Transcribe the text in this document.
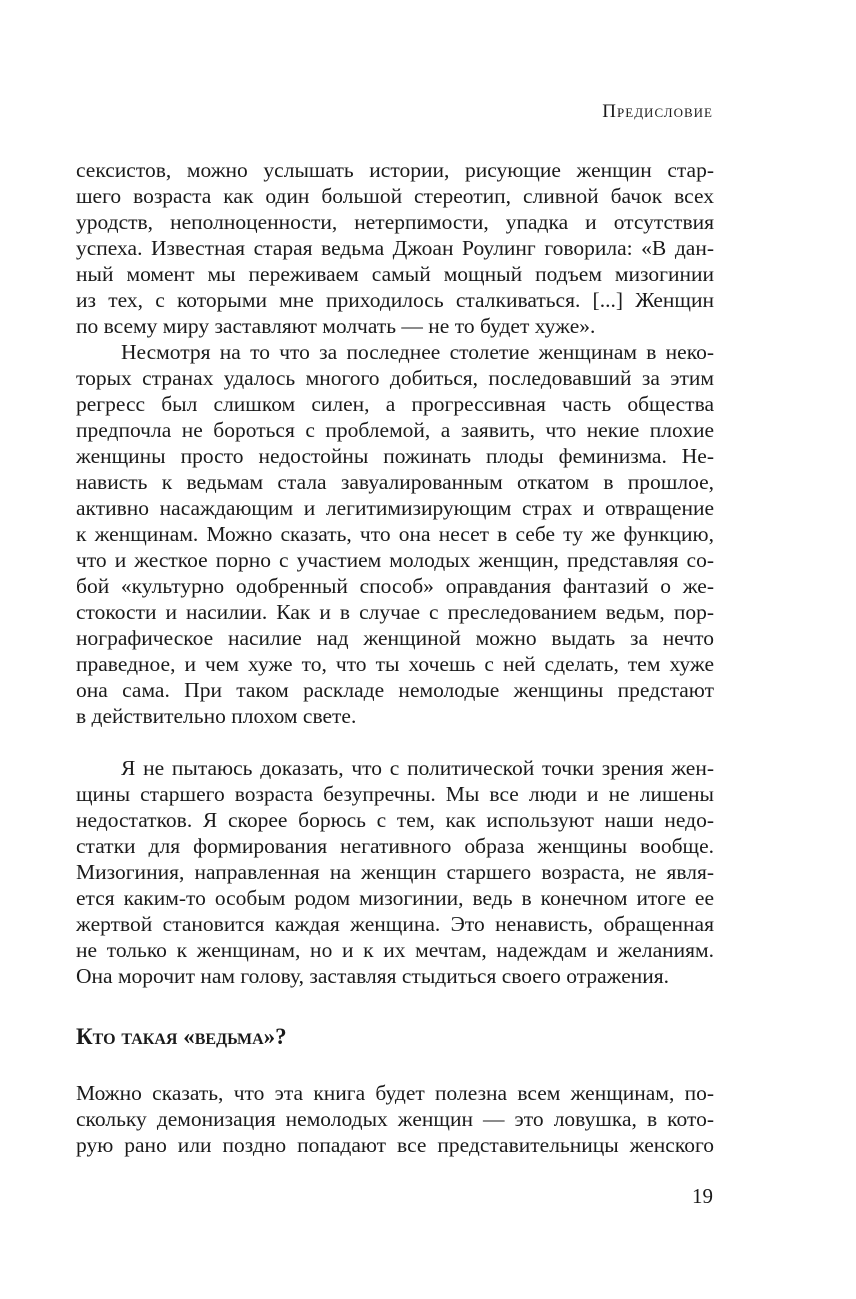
Предисловие
сексистов, можно услышать истории, рисующие женщин стар-
шего возраста как один большой стереотип, сливной бачок всех
уродств, неполноценности, нетерпимости, упадка и отсутствия
успеха. Известная старая ведьма Джоан Роулинг говорила: «В дан-
ный момент мы переживаем самый мощный подъем мизогинии
из тех, с которыми мне приходилось сталкиваться. [...] Женщин
по всему миру заставляют молчать — не то будет хуже».
Несмотря на то что за последнее столетие женщинам в неко-
торых странах удалось многого добиться, последовавший за этим
регресс был слишком силен, а прогрессивная часть общества
предпочла не бороться с проблемой, а заявить, что некие плохие
женщины просто недостойны пожинать плоды феминизма. Не-
нависть к ведьмам стала завуалированным откатом в прошлое,
активно насаждающим и легитимизирующим страх и отвращение
к женщинам. Можно сказать, что она несет в себе ту же функцию,
что и жесткое порно с участием молодых женщин, представляя со-
бой «культурно одобренный способ» оправдания фантазий о же-
стокости и насилии. Как и в случае с преследованием ведьм, пор-
нографическое насилие над женщиной можно выдать за нечто
праведное, и чем хуже то, что ты хочешь с ней сделать, тем хуже
она сама. При таком раскладе немолодые женщины предстают
в действительно плохом свете.
Я не пытаюсь доказать, что с политической точки зрения жен-
щины старшего возраста безупречны. Мы все люди и не лишены
недостатков. Я скорее борюсь с тем, как используют наши недо-
статки для формирования негативного образа женщины вообще.
Мизогиния, направленная на женщин старшего возраста, не явля-
ется каким-то особым родом мизогинии, ведь в конечном итоге ее
жертвой становится каждая женщина. Это ненависть, обращенная
не только к женщинам, но и к их мечтам, надеждам и желаниям.
Она морочит нам голову, заставляя стыдиться своего отражения.
Кто такая «ведьма»?
Можно сказать, что эта книга будет полезна всем женщинам, по-
скольку демонизация немолодых женщин — это ловушка, в кото-
рую рано или поздно попадают все представительницы женского
19
